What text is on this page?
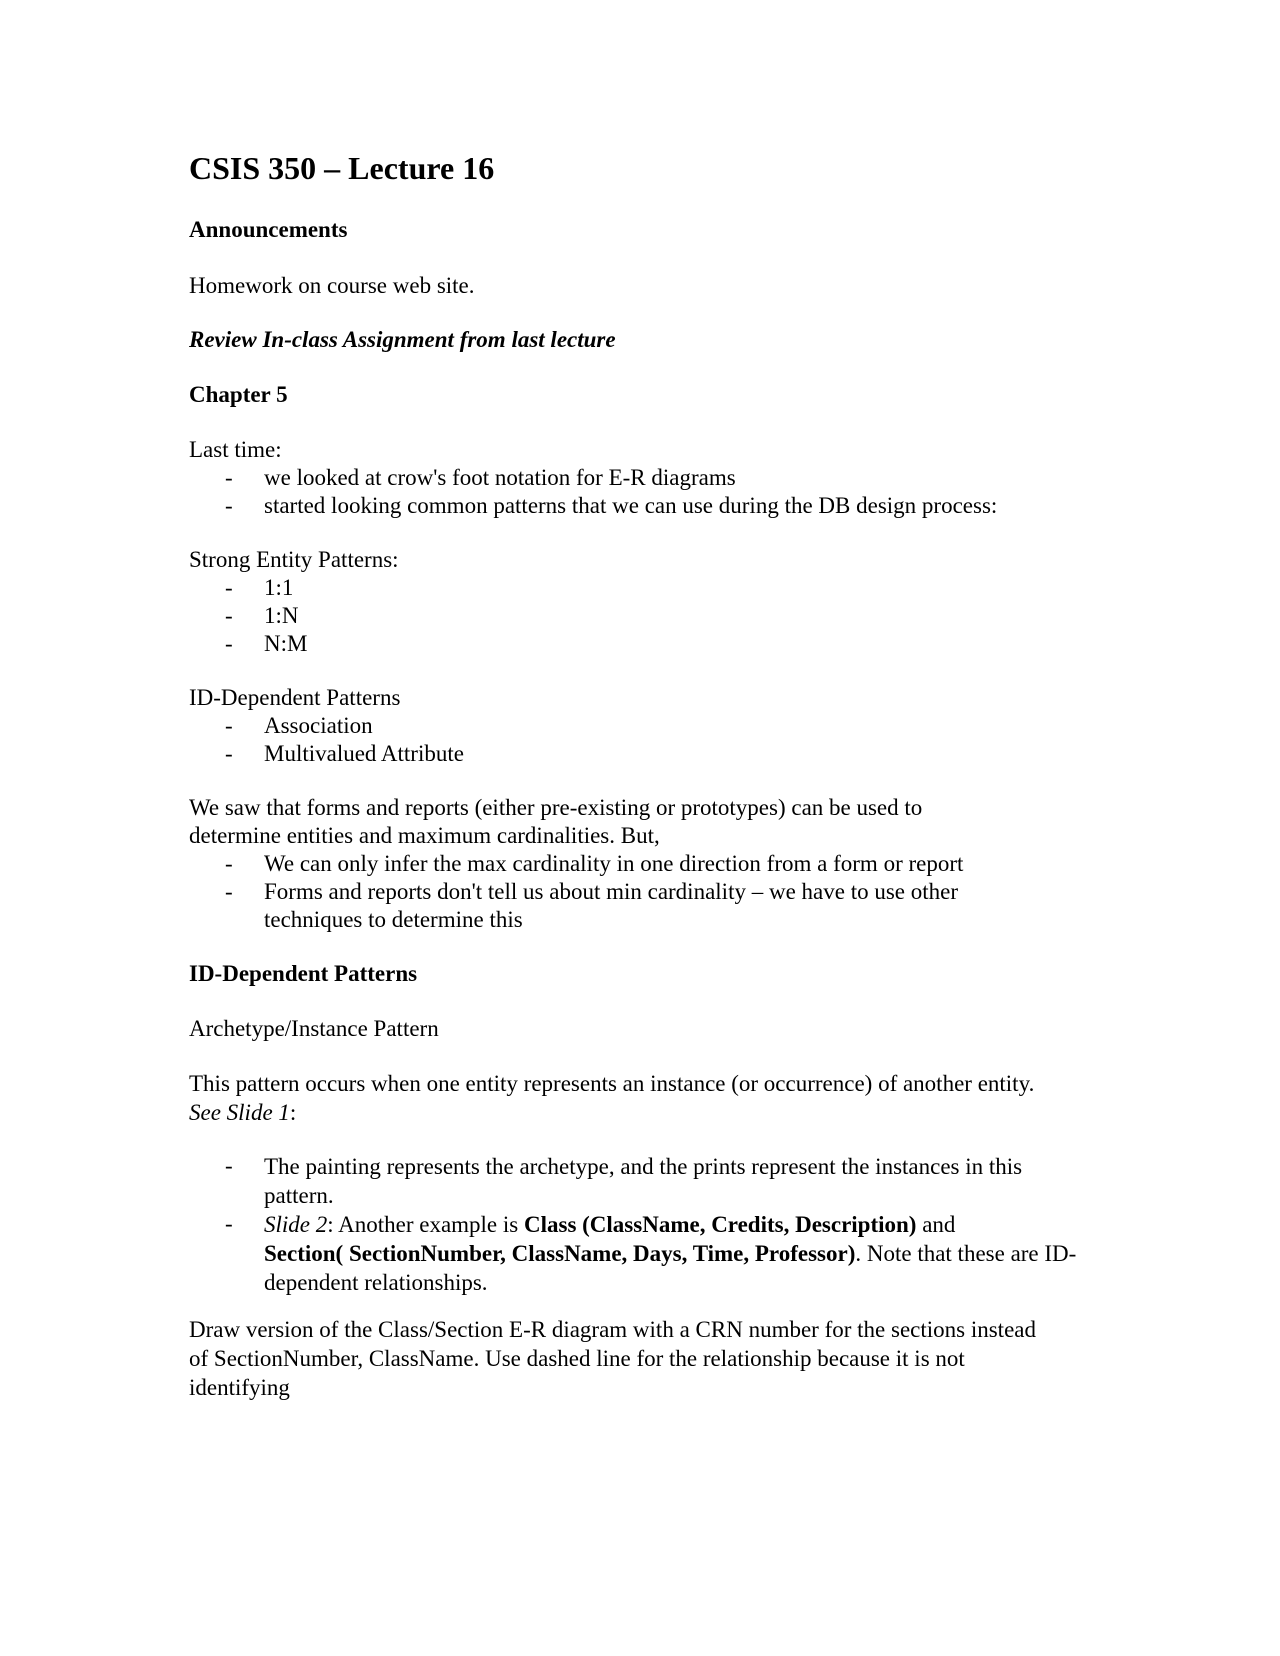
CSIS 350 – Lecture 16
Announcements
Homework on course web site.
Review In-class Assignment from last lecture
Chapter 5
Last time:
- we looked at crow's foot notation for E-R diagrams
- started looking common patterns that we can use during the DB design process:
Strong Entity Patterns:
- 1:1
- 1:N
- N:M
ID-Dependent Patterns
- Association
- Multivalued Attribute
We saw that forms and reports (either pre-existing or prototypes) can be used to
determine entities and maximum cardinalities. But,
- We can only infer the max cardinality in one direction from a form or report
- Forms and reports don't tell us about min cardinality – we have to use other techniques to determine this
ID-Dependent Patterns
Archetype/Instance Pattern
This pattern occurs when one entity represents an instance (or occurrence) of another entity. See Slide 1:
- The painting represents the archetype, and the prints represent the instances in this pattern.
- Slide 2: Another example is Class (ClassName, Credits, Description) and
Section( SectionNumber, ClassName, Days, Time, Professor). Note that these are ID-dependent relationships.
Draw version of the Class/Section E-R diagram with a CRN number for the sections instead of SectionNumber, ClassName. Use dashed line for the relationship because it is not identifying
